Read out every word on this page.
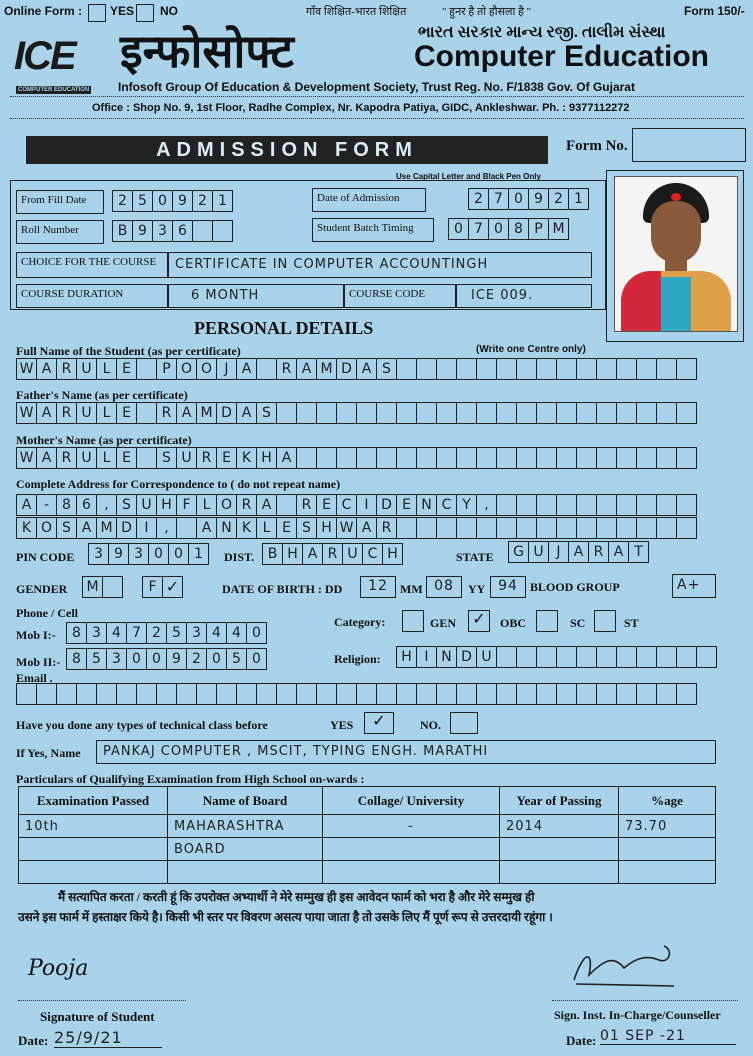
Online Form : YES NO	गाँव शिक्षित-भारत शिक्षित	" हुनर है तो हौसला है "	Form 150/-
ICE
COMPUTER EDUCATION
इन्फोसोफ्ट	ભારત સરકાર માન્ય રજી. તાલીમ સંસ્થા
Computer Education
Infosoft Group Of Education & Development Society, Trust Reg. No. F/1838 Gov. Of Gujarat
Office : Shop No. 9, 1st Floor, Radhe Complex, Nr. Kapodra Patiya, GIDC, Ankleshwar. Ph. : 9377112272
ADMISSION FORM	Form No.
Use Capital Letter and Black Pen Only
From Fill Date	2 5 0 9 2 1	Date of Admission	2 7 0 9 2 1
Roll Number	B 9 3 6	Student Batch Timing	0 7 0 8 P M
CHOICE FOR THE COURSE	CERTIFICATE IN COMPUTER ACCOUNTINGH
COURSE DURATION	6 MONTH	COURSE CODE	ICE 009.
PERSONAL DETAILS
Full Name of the Student (as per certificate)	(Write one Centre only)
W A R U L E	P O O J A	R A M D A S
Father's Name (as per certificate)
W A R U L E	R A M D A S
Mother's Name (as per certificate)
W A R U L E	S U R E K H A
Complete Address for Correspondence to ( do not repeat name)
A - 8 6 , S U H F L O R A	R E C I D E N C Y ,
K O S A M D I	,	A N K L E S H W A R
PIN CODE	3 9 3 0 0 1	DIST. B H A R U C H	STATE G U J A R A T
GENDER M	F ✓	DATE OF BIRTH : DD	12	MM 08	YY 94	BLOOD GROUP	A+
Phone / Cell
Mob I:-	8 3 4 7 2 5 3 4 4 0
Mob II:- 8 5 3 0 0 9 2 0 5 0
Category:	GEN ✓	OBC	SC	ST
Religion:	H I N D U
Email .
Have you done any types of technical class before	YES	✓	NO.
If Yes, Name	PANKAJ COMPUTER , MSCIT, TYPING ENGH. MARATHI
Particulars of Qualifying Examination from High School on-wards :
Examination Passed	Name of Board	Collage/ University	Year of Passing	%age
10th	MAHARASHTRA	-	2014	73.70
	BOARD			

मैं सत्यापित करता / करती हूं कि उपरोक्त अभ्यार्थी ने मेरे सम्मुख ही इस आवेदन फार्म को भरा है और मेरे सम्मुख ही
उसने इस फार्म में हस्ताक्षर किये है। किसी भी स्तर पर विवरण असत्य पाया जाता है तो उसके लिए मैं पूर्ण रूप से उत्तरदायी रहूंगा ।
Pooja
Signature of Student
Date: 25/9/21
Sign. Inst. In-Charge/Counseller
Date: 01 SEP -21
